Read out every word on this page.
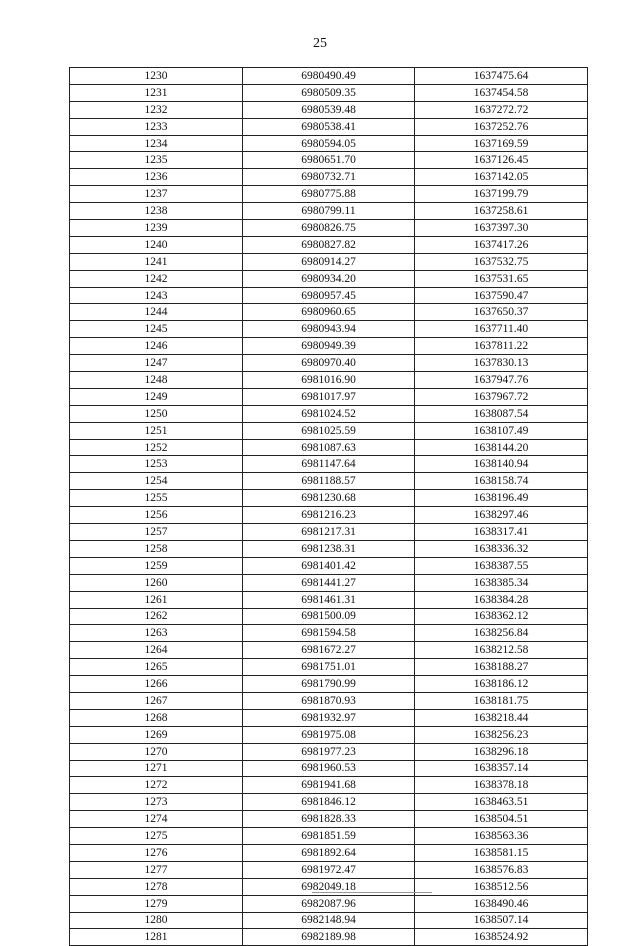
25
1230	6980490.49	1637475.64
1231	6980509.35	1637454.58
1232	6980539.48	1637272.72
1233	6980538.41	1637252.76
1234	6980594.05	1637169.59
1235	6980651.70	1637126.45
1236	6980732.71	1637142.05
1237	6980775.88	1637199.79
1238	6980799.11	1637258.61
1239	6980826.75	1637397.30
1240	6980827.82	1637417.26
1241	6980914.27	1637532.75
1242	6980934.20	1637531.65
1243	6980957.45	1637590.47
1244	6980960.65	1637650.37
1245	6980943.94	1637711.40
1246	6980949.39	1637811.22
1247	6980970.40	1637830.13
1248	6981016.90	1637947.76
1249	6981017.97	1637967.72
1250	6981024.52	1638087.54
1251	6981025.59	1638107.49
1252	6981087.63	1638144.20
1253	6981147.64	1638140.94
1254	6981188.57	1638158.74
1255	6981230.68	1638196.49
1256	6981216.23	1638297.46
1257	6981217.31	1638317.41
1258	6981238.31	1638336.32
1259	6981401.42	1638387.55
1260	6981441.27	1638385.34
1261	6981461.31	1638384.28
1262	6981500.09	1638362.12
1263	6981594.58	1638256.84
1264	6981672.27	1638212.58
1265	6981751.01	1638188.27
1266	6981790.99	1638186.12
1267	6981870.93	1638181.75
1268	6981932.97	1638218.44
1269	6981975.08	1638256.23
1270	6981977.23	1638296.18
1271	6981960.53	1638357.14
1272	6981941.68	1638378.18
1273	6981846.12	1638463.51
1274	6981828.33	1638504.51
1275	6981851.59	1638563.36
1276	6981892.64	1638581.15
1277	6981972.47	1638576.83
1278	6982049.18	1638512.56
1279	6982087.96	1638490.46
1280	6982148.94	1638507.14
1281	6982189.98	1638524.92
